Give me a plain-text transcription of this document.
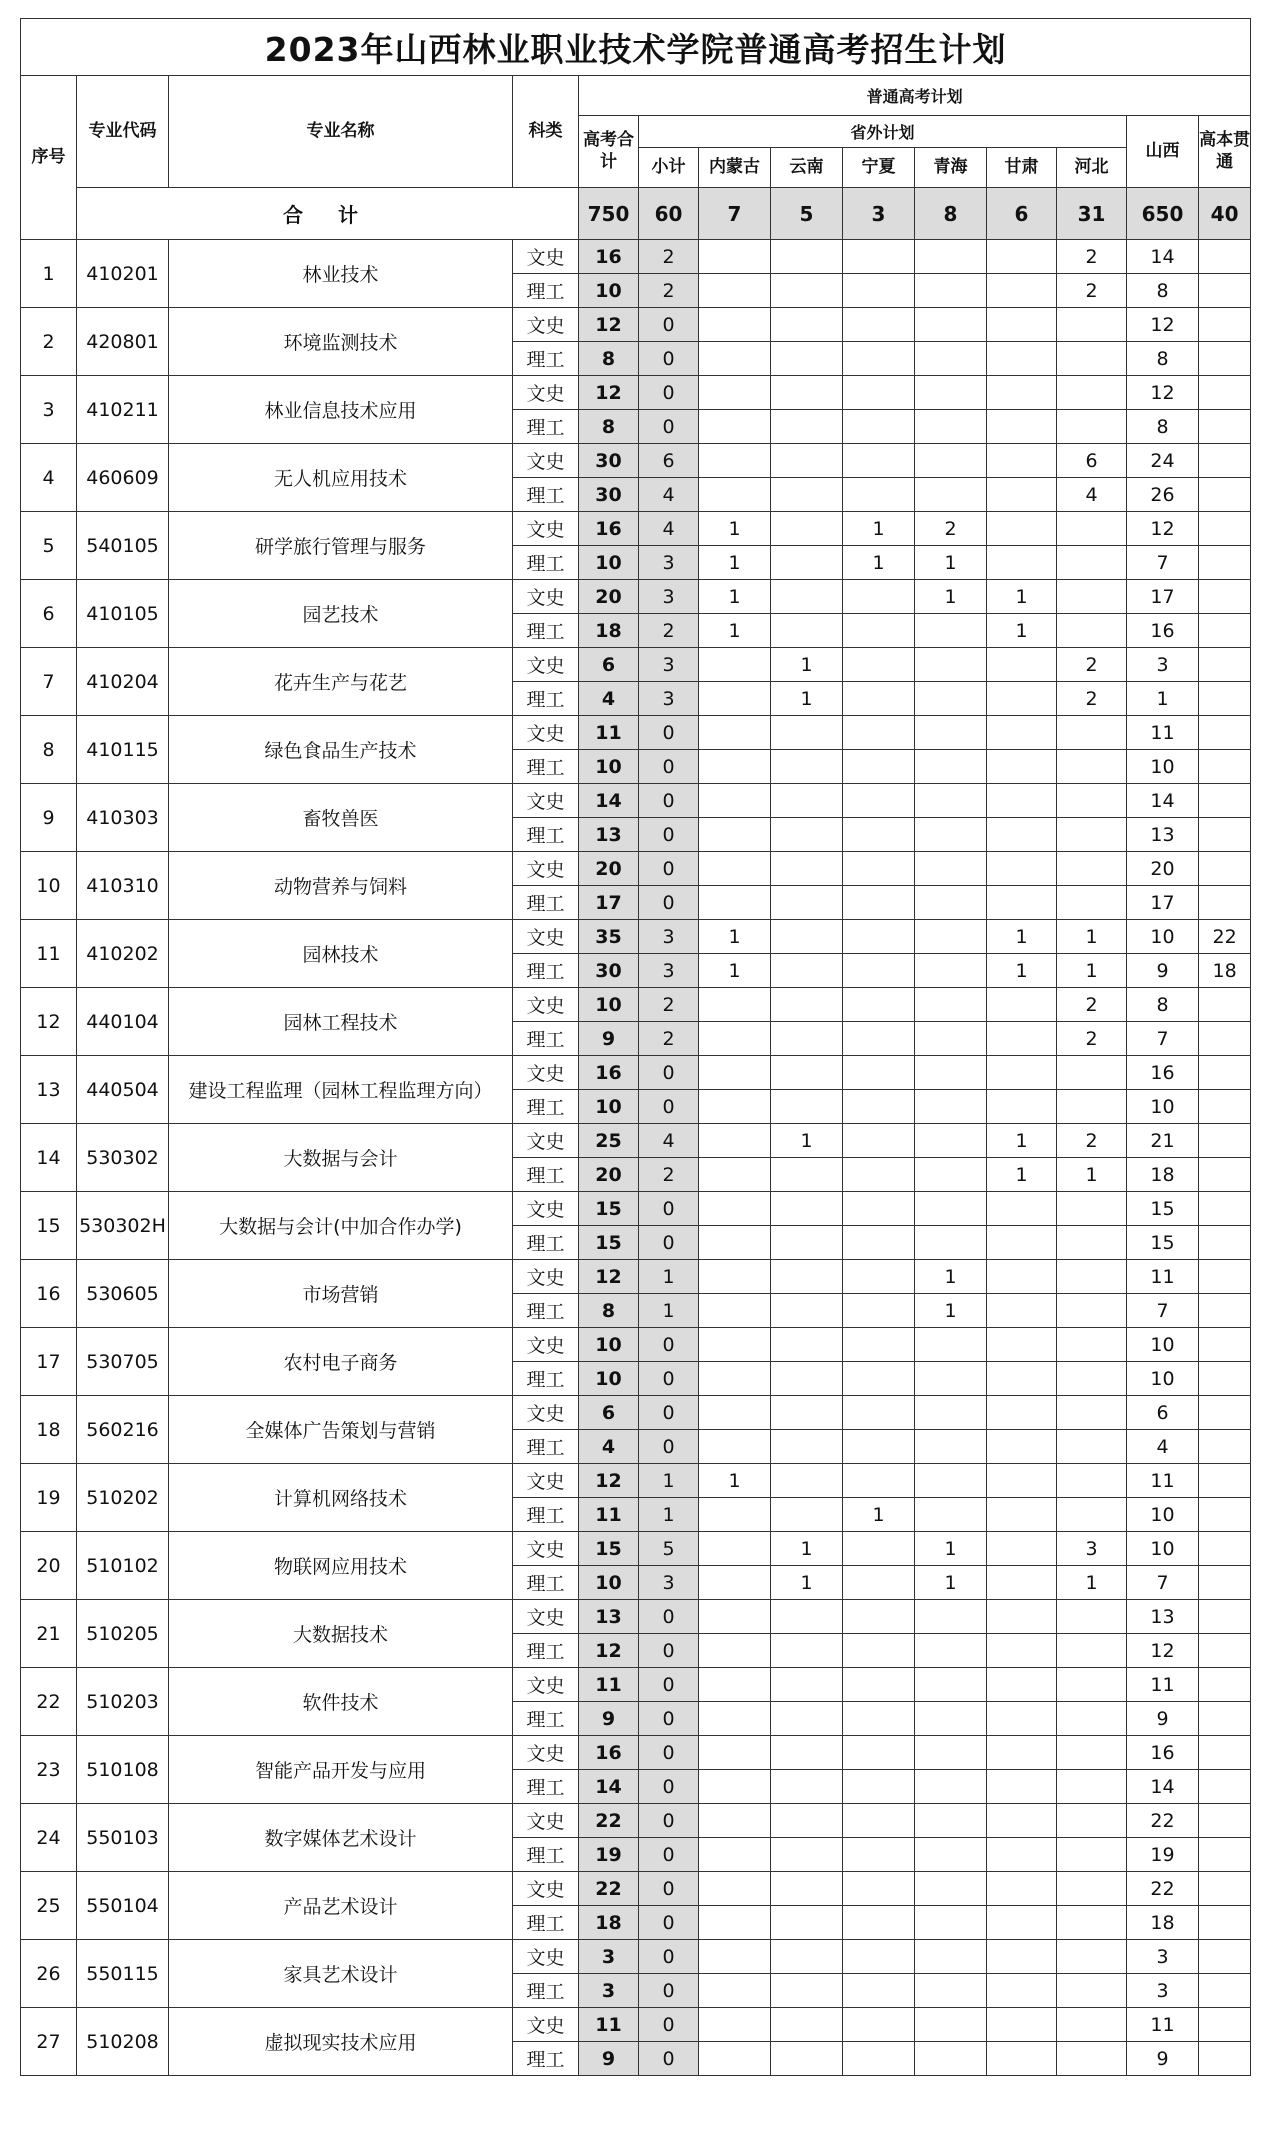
2023年山西林业职业技术学院普通高考招生计划													
序号	专业代码	专业名称	科类	普通高考计划									
				高考合计	省外计划							山西	高本贯通
					小计	内蒙古	云南	宁夏	青海	甘肃	河北		
	合 计			750	60	7	5	3	8	6	31	650	40
1	410201	林业技术	文史	16	2						2	14	
			理工	10	2						2	8	
2	420801	环境监测技术	文史	12	0							12	
			理工	8	0							8	
3	410211	林业信息技术应用	文史	12	0							12	
			理工	8	0							8	
4	460609	无人机应用技术	文史	30	6						6	24	
			理工	30	4						4	26	
5	540105	研学旅行管理与服务	文史	16	4	1		1	2			12	
			理工	10	3	1		1	1			7	
6	410105	园艺技术	文史	20	3	1			1	1		17	
			理工	18	2	1				1		16	
7	410204	花卉生产与花艺	文史	6	3		1				2	3	
			理工	4	3		1				2	1	
8	410115	绿色食品生产技术	文史	11	0							11	
			理工	10	0							10	
9	410303	畜牧兽医	文史	14	0							14	
			理工	13	0							13	
10	410310	动物营养与饲料	文史	20	0							20	
			理工	17	0							17	
11	410202	园林技术	文史	35	3	1				1	1	10	22
			理工	30	3	1				1	1	9	18
12	440104	园林工程技术	文史	10	2						2	8	
			理工	9	2						2	7	
13	440504	建设工程监理（园林工程监理方向）	文史	16	0							16	
			理工	10	0							10	
14	530302	大数据与会计	文史	25	4		1			1	2	21	
			理工	20	2					1	1	18	
15	530302H	大数据与会计(中加合作办学)	文史	15	0							15	
			理工	15	0							15	
16	530605	市场营销	文史	12	1				1			11	
			理工	8	1				1			7	
17	530705	农村电子商务	文史	10	0							10	
			理工	10	0							10	
18	560216	全媒体广告策划与营销	文史	6	0							6	
			理工	4	0							4	
19	510202	计算机网络技术	文史	12	1	1						11	
			理工	11	1			1				10	
20	510102	物联网应用技术	文史	15	5		1		1		3	10	
			理工	10	3		1		1		1	7	
21	510205	大数据技术	文史	13	0							13	
			理工	12	0							12	
22	510203	软件技术	文史	11	0							11	
			理工	9	0							9	
23	510108	智能产品开发与应用	文史	16	0							16	
			理工	14	0							14	
24	550103	数字媒体艺术设计	文史	22	0							22	
			理工	19	0							19	
25	550104	产品艺术设计	文史	22	0							22	
			理工	18	0							18	
26	550115	家具艺术设计	文史	3	0							3	
			理工	3	0							3	
27	510208	虚拟现实技术应用	文史	11	0							11	
			理工	9	0							9	
